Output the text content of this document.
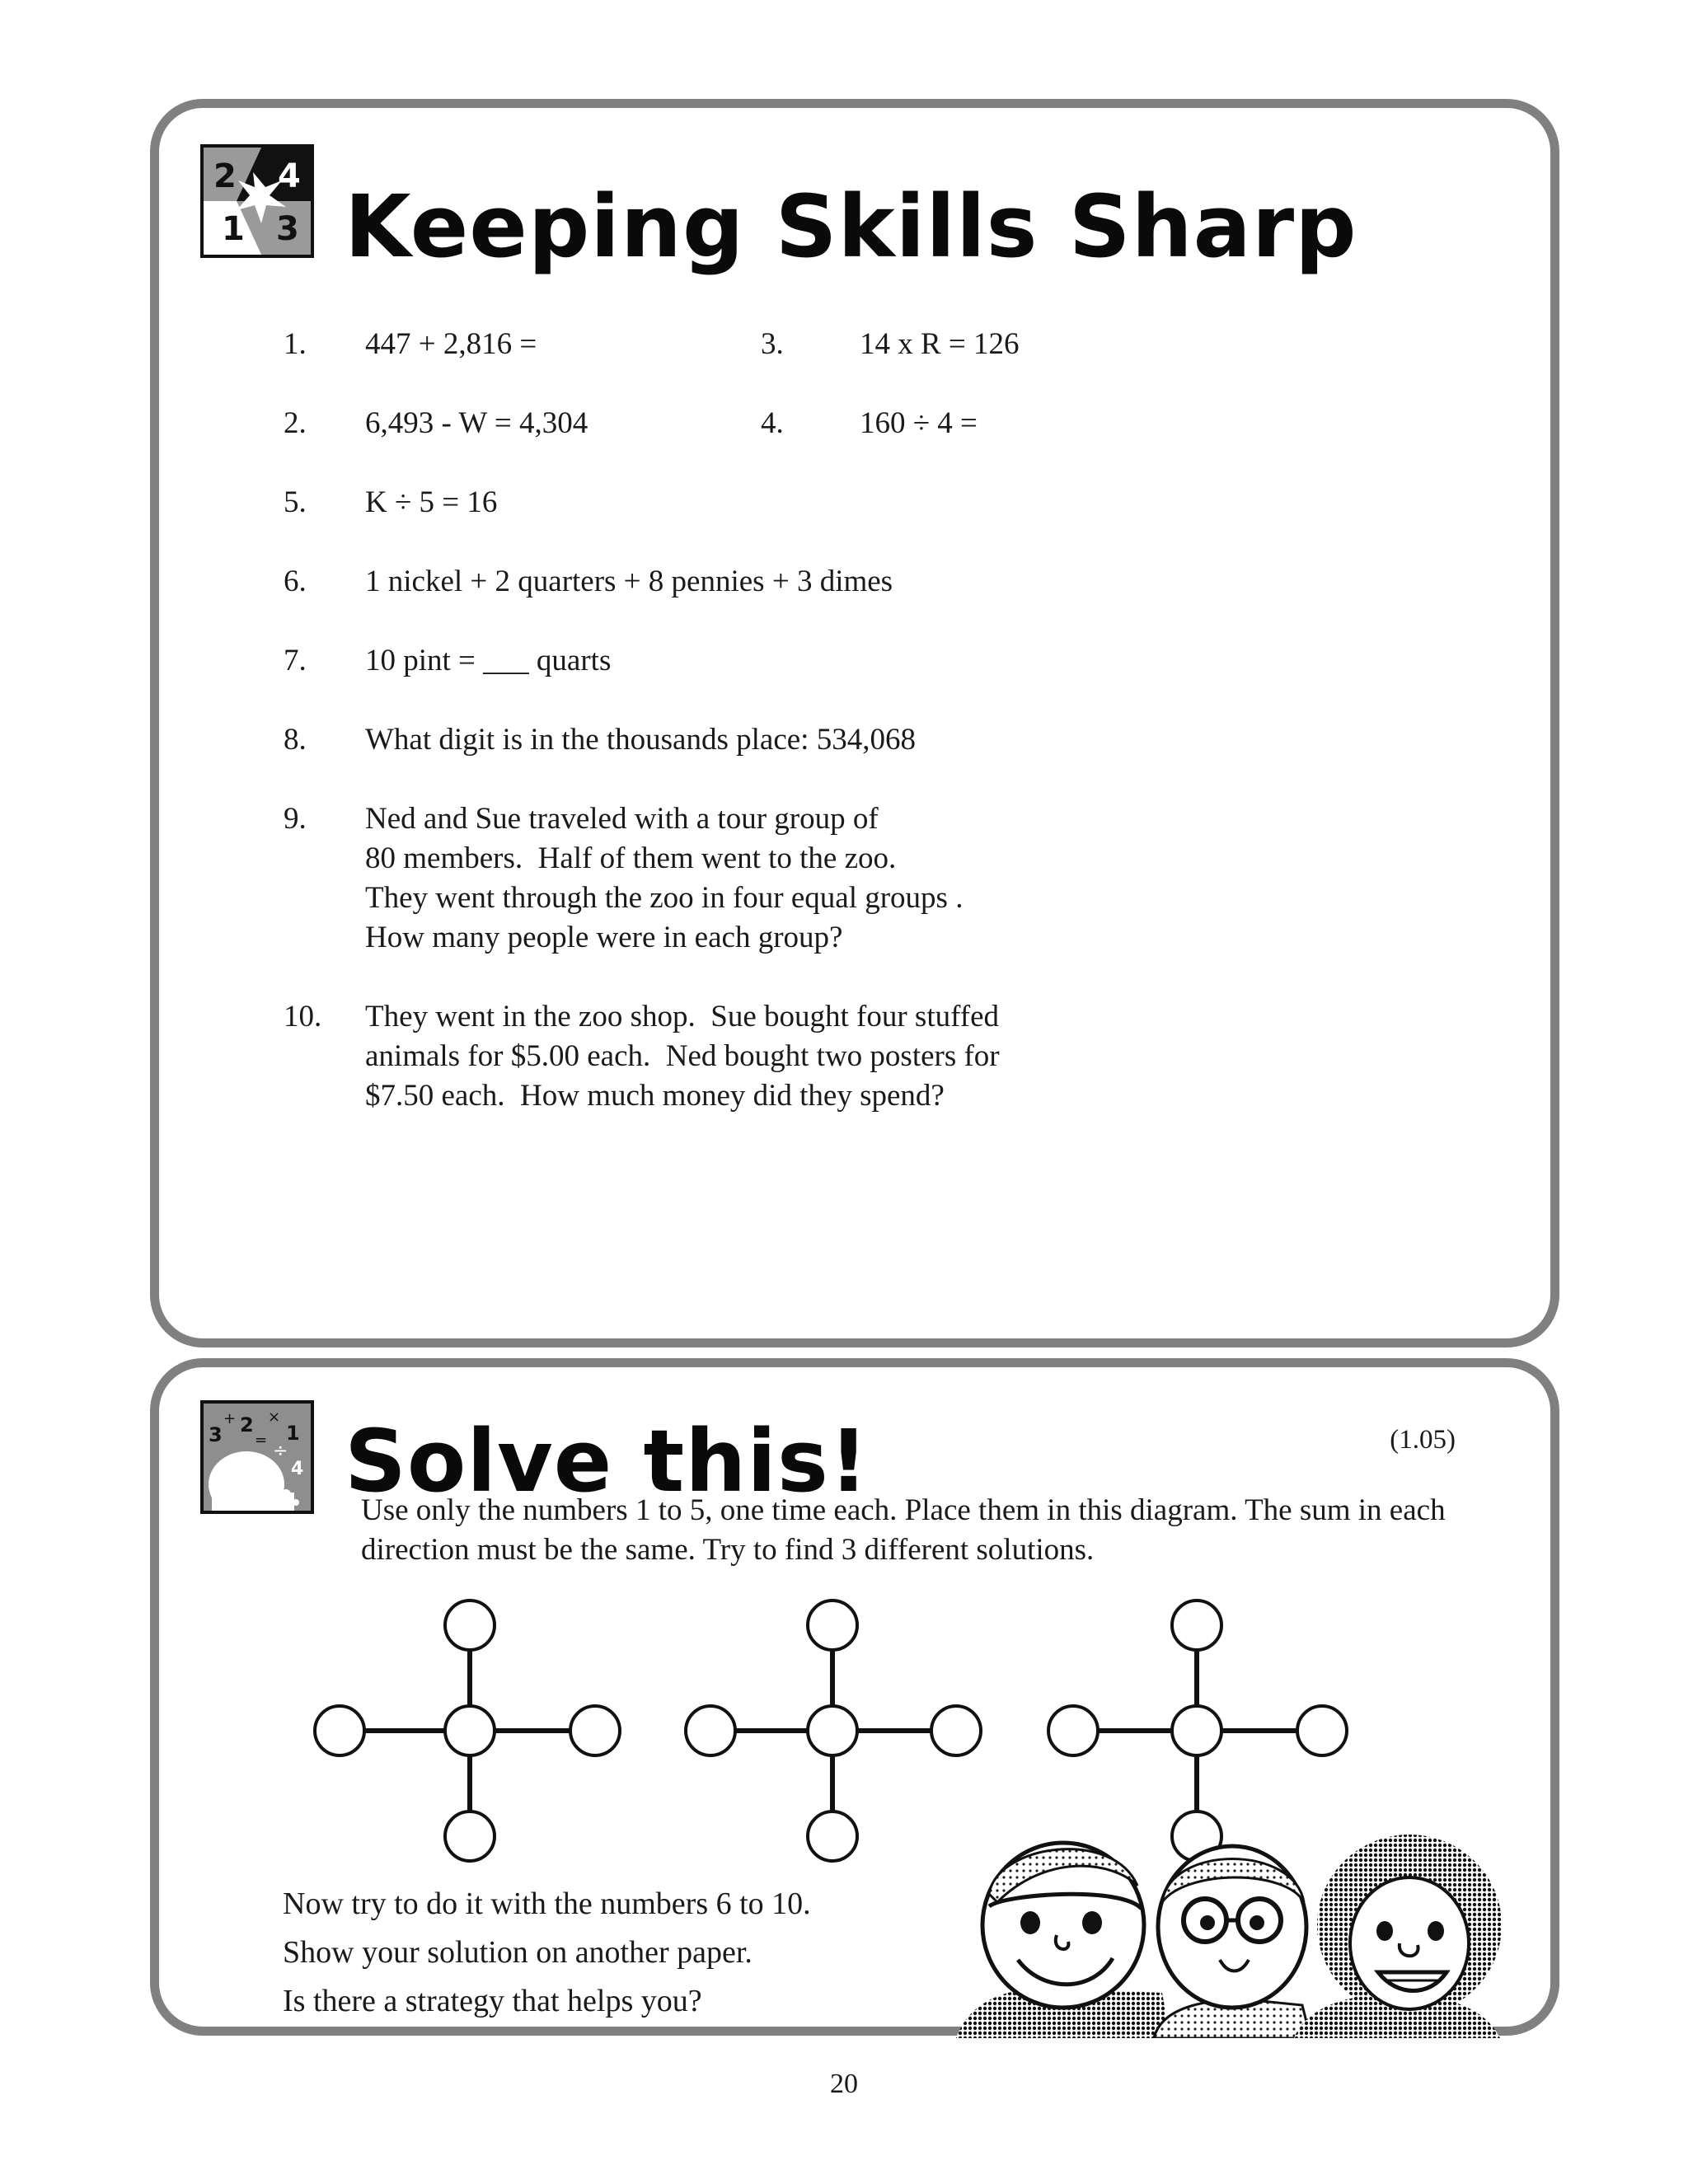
2 4
1 3 Keeping Skills Sharp
1. 447 + 2,816 =	3. 14 x R = 126
2. 6,493 - W = 4,304	4. 160 ÷ 4 =
5. K ÷ 5 = 16
6. 1 nickel + 2 quarters + 8 pennies + 3 dimes
7. 10 pint = ___ quarts
8. What digit is in the thousands place: 534,068
9. Ned and Sue traveled with a tour group of
80 members.  Half of them went to the zoo.
They went through the zoo in four equal groups .
How many people were in each group?
10. They went in the zoo shop.  Sue bought four stuffed
animals for $5.00 each.  Ned bought two posters for
$7.50 each.  How much money did they spend?
3
+ 2 ×
1
÷
4
= Solve this!	(1.05)
Use only the numbers 1 to 5, one time each. Place them in this diagram. The sum in each direction must be the same. Try to find 3 different solutions.
Now try to do it with the numbers 6 to 10.
Show your solution on another paper.
Is there a strategy that helps you?
20
